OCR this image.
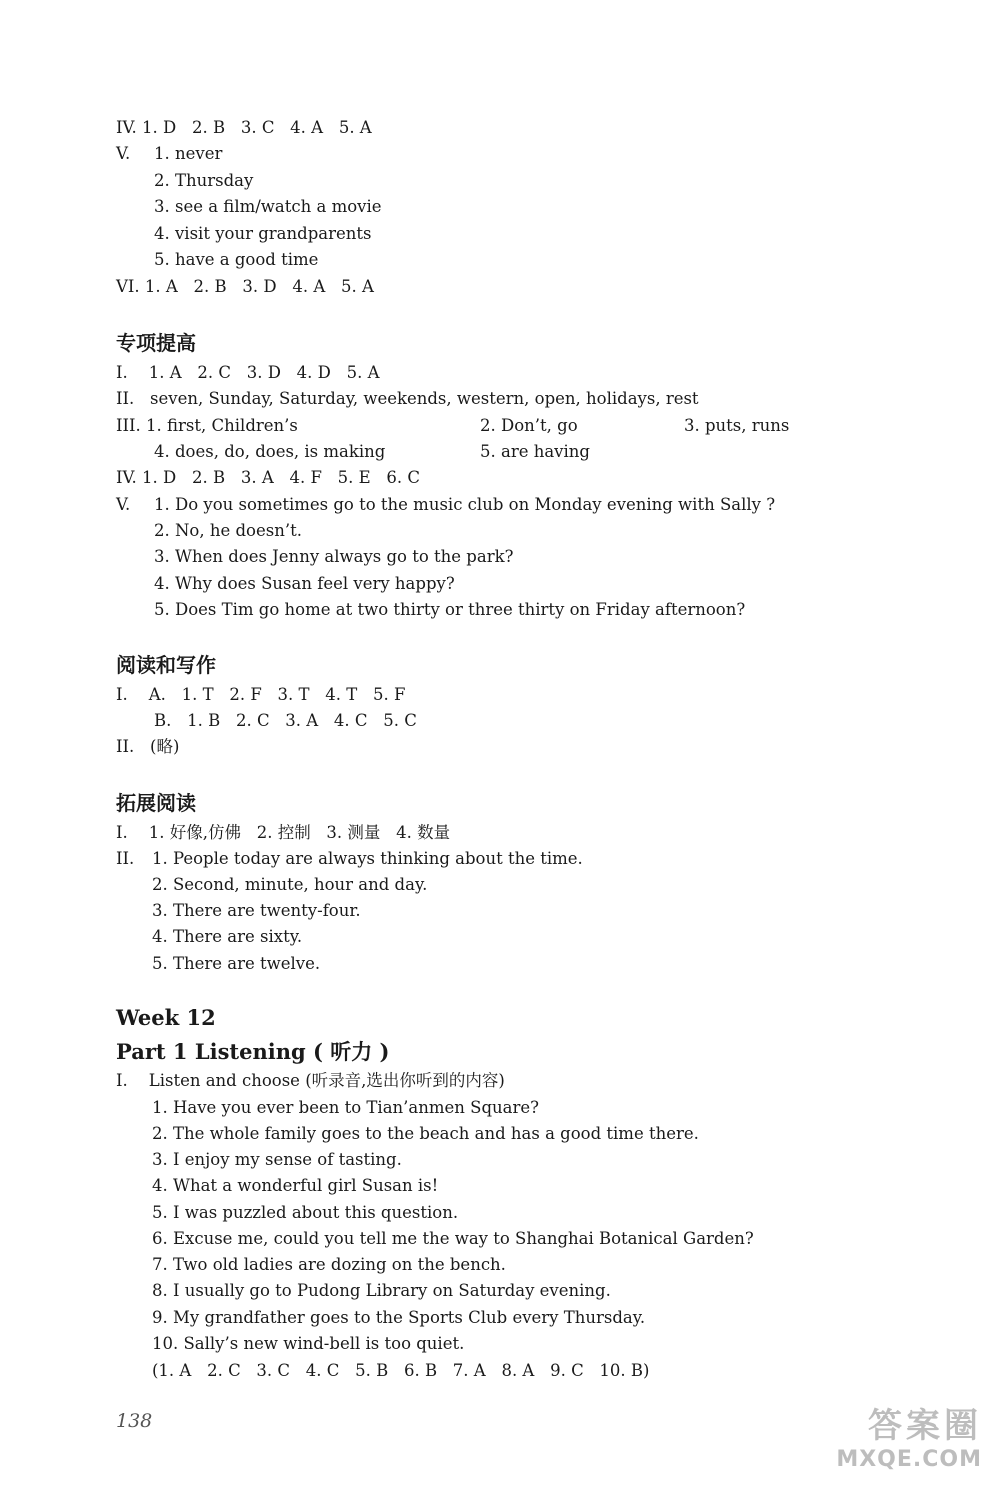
IV. 1. D   2. B   3. C   4. A   5. A
V. 1. never
2. Thursday
3. see a film/watch a movie
4. visit your grandparents
5. have a good time
VI. 1. A   2. B   3. D   4. A   5. A
专项提高
I.    1. A   2. C   3. D   4. D   5. A
II.   seven, Sunday, Saturday, weekends, western, open, holidays, rest
III. 1. first, Children’s	2. Don’t, go	3. puts, runs
4. does, do, does, is making	5. are having
IV. 1. D   2. B   3. A   4. F   5. E   6. C
V. 1. Do you sometimes go to the music club on Monday evening with Sally ?
2. No, he doesn’t.
3. When does Jenny always go to the park?
4. Why does Susan feel very happy?
5. Does Tim go home at two thirty or three thirty on Friday afternoon?
阅读和写作
I.    A.   1. T   2. F   3. T   4. T   5. F
B.   1. B   2. C   3. A   4. C   5. C
II.   (略)
拓展阅读
I.    1. 好像,仿佛   2. 控制   3. 测量   4. 数量
II. 1. People today are always thinking about the time.
2. Second, minute, hour and day.
3. There are twenty-four.
4. There are sixty.
5. There are twelve.
Week 12
Part 1 Listening ( 听力 )
I.    Listen and choose (听录音,选出你听到的内容)
1. Have you ever been to Tian’anmen Square?
2. The whole family goes to the beach and has a good time there.
3. I enjoy my sense of tasting.
4. What a wonderful girl Susan is!
5. I was puzzled about this question.
6. Excuse me, could you tell me the way to Shanghai Botanical Garden?
7. Two old ladies are dozing on the bench.
8. I usually go to Pudong Library on Saturday evening.
9. My grandfather goes to the Sports Club every Thursday.
10. Sally’s new wind-bell is too quiet.
(1. A   2. C   3. C   4. C   5. B   6. B   7. A   8. A   9. C   10. B)
138	答案圈
MXQE.COM
